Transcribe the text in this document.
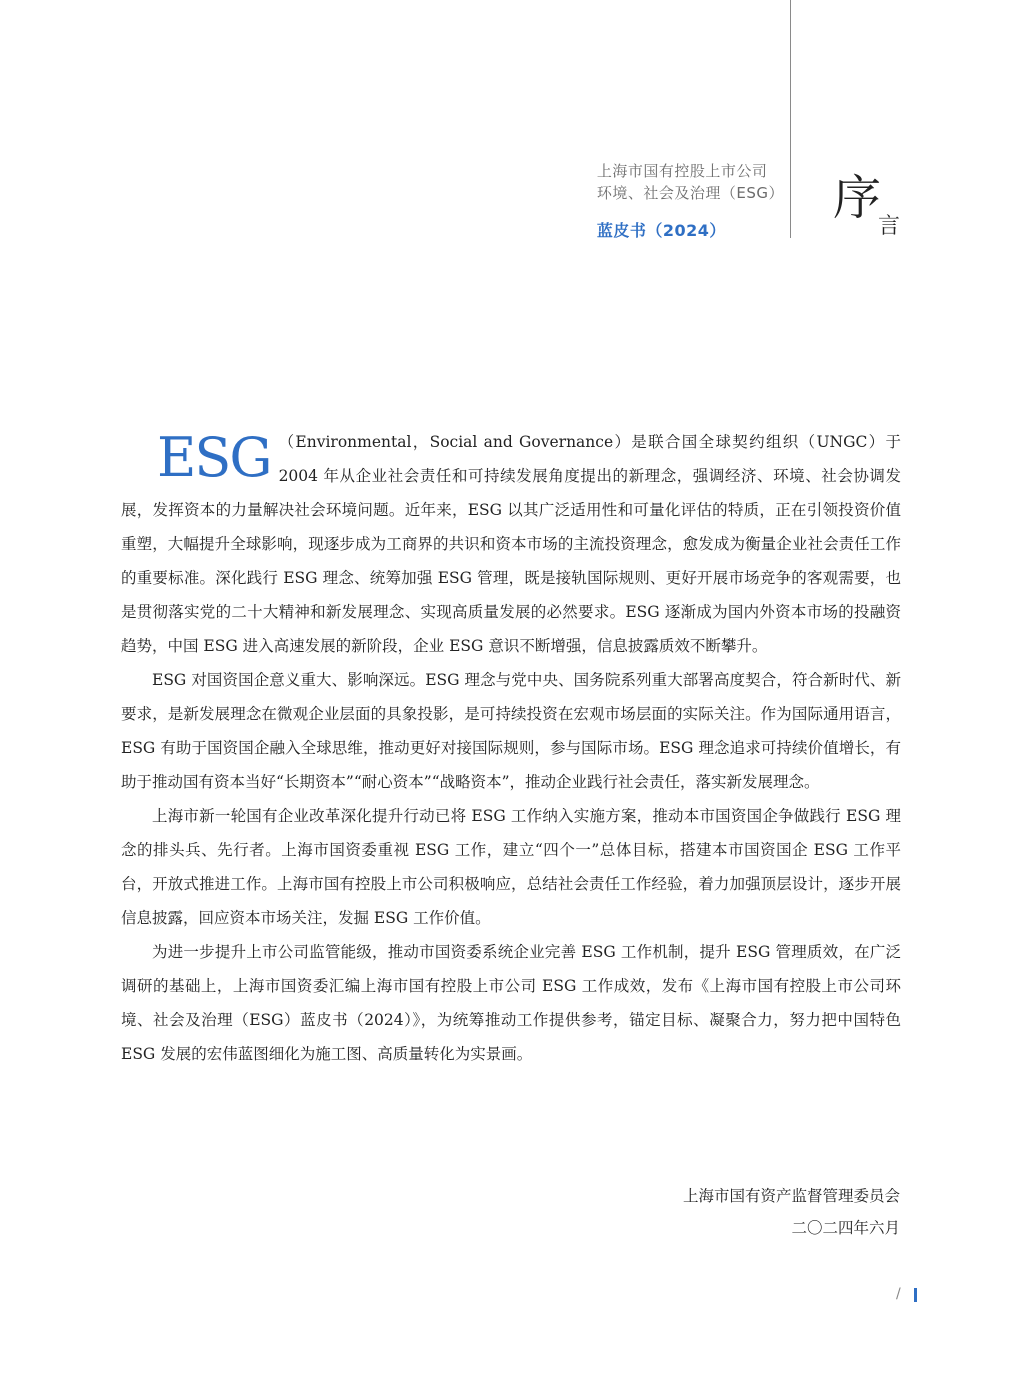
上海市国有控股上市公司
环境、社会及治理（ESG）
蓝皮书（2024）
序
言

ESG （Environmental，Social and Governance）是联合国全球契约组织（UNGC）于 2004 年从企业社会责任和可持续发展角度提出的新理念，强调经济、环境、社会协调发展，发挥资本的力量解决社会环境问题。近年来，ESG 以其广泛适用性和可量化评估的特质，正在引领投资价值重塑，大幅提升全球影响，现逐步成为工商界的共识和资本市场的主流投资理念，愈发成为衡量企业社会责任工作的重要标准。深化践行 ESG 理念、统筹加强 ESG 管理，既是接轨国际规则、更好开展市场竞争的客观需要，也是贯彻落实党的二十大精神和新发展理念、实现高质量发展的必然要求。ESG 逐渐成为国内外资本市场的投融资趋势，中国 ESG 进入高速发展的新阶段，企业 ESG 意识不断增强，信息披露质效不断攀升。

ESG 对国资国企意义重大、影响深远。ESG 理念与党中央、国务院系列重大部署高度契合，符合新时代、新要求，是新发展理念在微观企业层面的具象投影，是可持续投资在宏观市场层面的实际关注。作为国际通用语言，ESG 有助于国资国企融入全球思维，推动更好对接国际规则，参与国际市场。ESG 理念追求可持续价值增长，有助于推动国有资本当好“长期资本”“耐心资本”“战略资本”，推动企业践行社会责任，落实新发展理念。

上海市新一轮国有企业改革深化提升行动已将 ESG 工作纳入实施方案，推动本市国资国企争做践行 ESG 理念的排头兵、先行者。上海市国资委重视 ESG 工作，建立“四个一”总体目标，搭建本市国资国企 ESG 工作平台，开放式推进工作。上海市国有控股上市公司积极响应，总结社会责任工作经验，着力加强顶层设计，逐步开展信息披露，回应资本市场关注，发掘 ESG 工作价值。

为进一步提升上市公司监管能级，推动市国资委系统企业完善 ESG 工作机制，提升 ESG 管理质效，在广泛调研的基础上，上海市国资委汇编上海市国有控股上市公司 ESG 工作成效，发布《上海市国有控股上市公司环境、社会及治理（ESG）蓝皮书（2024）》，为统筹推动工作提供参考，锚定目标、凝聚合力，努力把中国特色 ESG 发展的宏伟蓝图细化为施工图、高质量转化为实景画。

上海市国有资产监督管理委员会
二〇二四年六月
/
